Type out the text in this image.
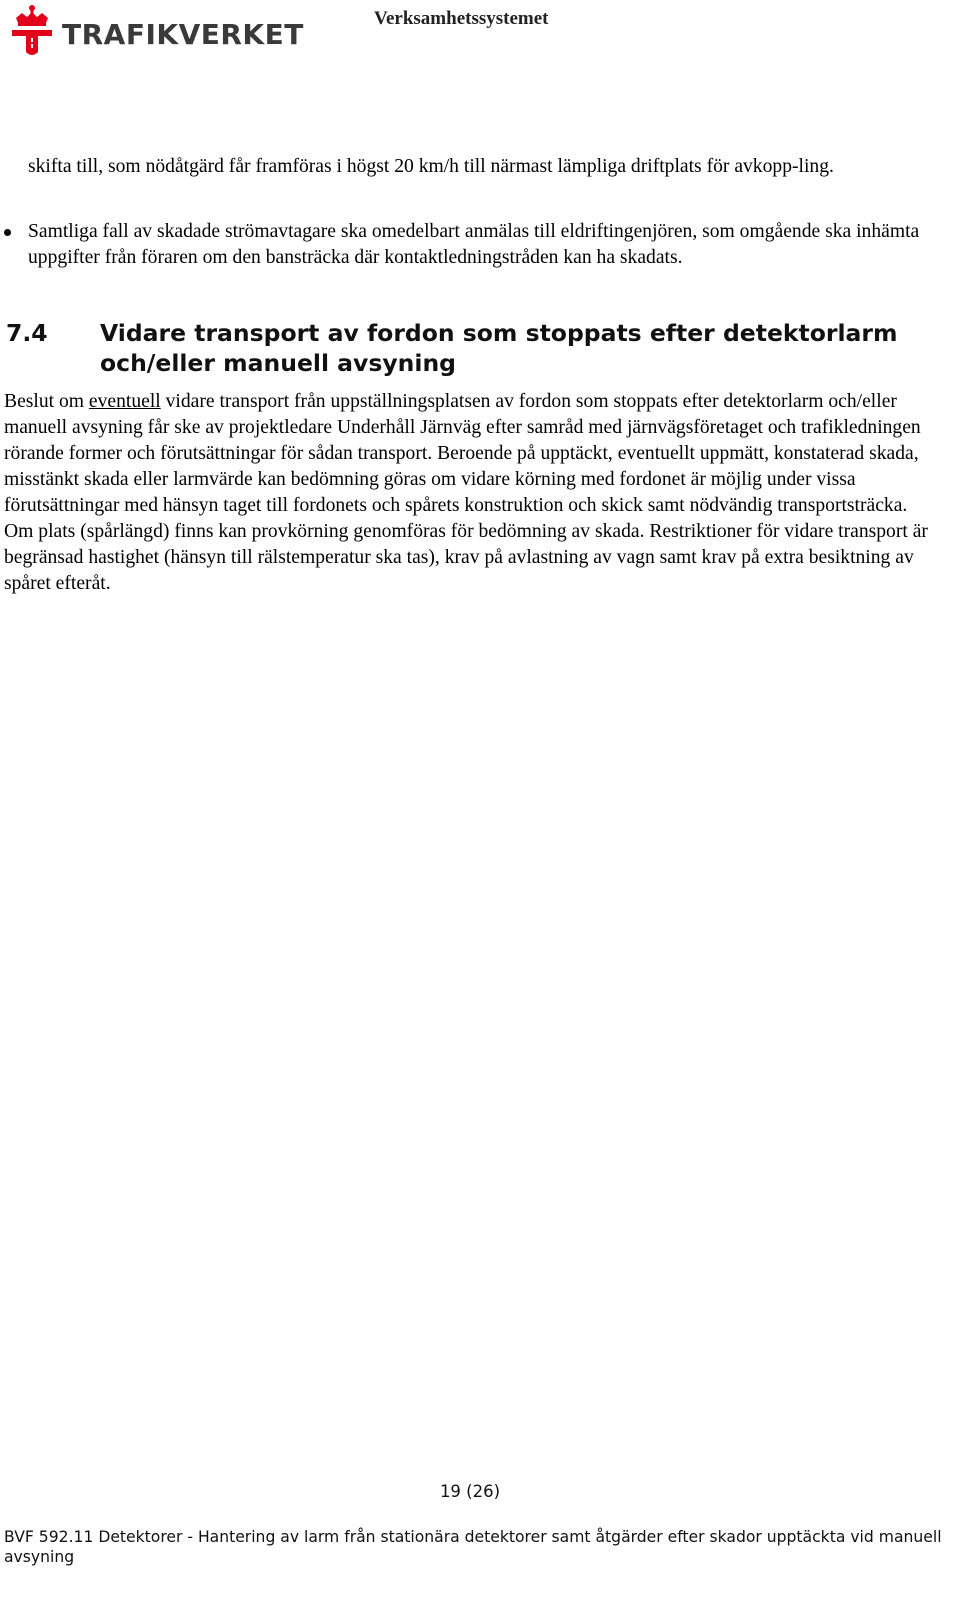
TRAFIKVERKET	Verksamhetssystemet

skifta till, som nödåtgärd får framföras i högst 20 km/h till närmast lämpliga driftplats för avkopp-ling.

Samtliga fall av skadade strömavtagare ska omedelbart anmälas till eldriftingenjören, som omgående ska inhämta uppgifter från föraren om den bansträcka där kontaktledningstråden kan ha skadats.
7.4	Vidare transport av fordon som stoppats efter detektorlarm och/eller manuell avsyning

Beslut om eventuell vidare transport från uppställningsplatsen av fordon som stoppats efter detektorlarm och/eller manuell avsyning får ske av projektledare Underhåll Järnväg efter samråd med järnvägsföretaget och trafikledningen rörande former och förutsättningar för sådan transport. Beroende på upptäckt, eventuellt uppmätt, konstaterad skada, misstänkt skada eller larmvärde kan bedömning göras om vidare körning med fordonet är möjlig under vissa förutsättningar med hänsyn taget till fordonets och spårets konstruktion och skick samt nödvändig transportsträcka. Om plats (spårlängd) finns kan provkörning genomföras för bedömning av skada. Restriktioner för vidare transport är begränsad hastighet (hänsyn till rälstemperatur ska tas), krav på avlastning av vagn samt krav på extra besiktning av spåret efteråt.

19 (26)
BVF 592.11 Detektorer - Hantering av larm från stationära detektorer samt åtgärder efter skador upptäckta vid manuell avsyning
